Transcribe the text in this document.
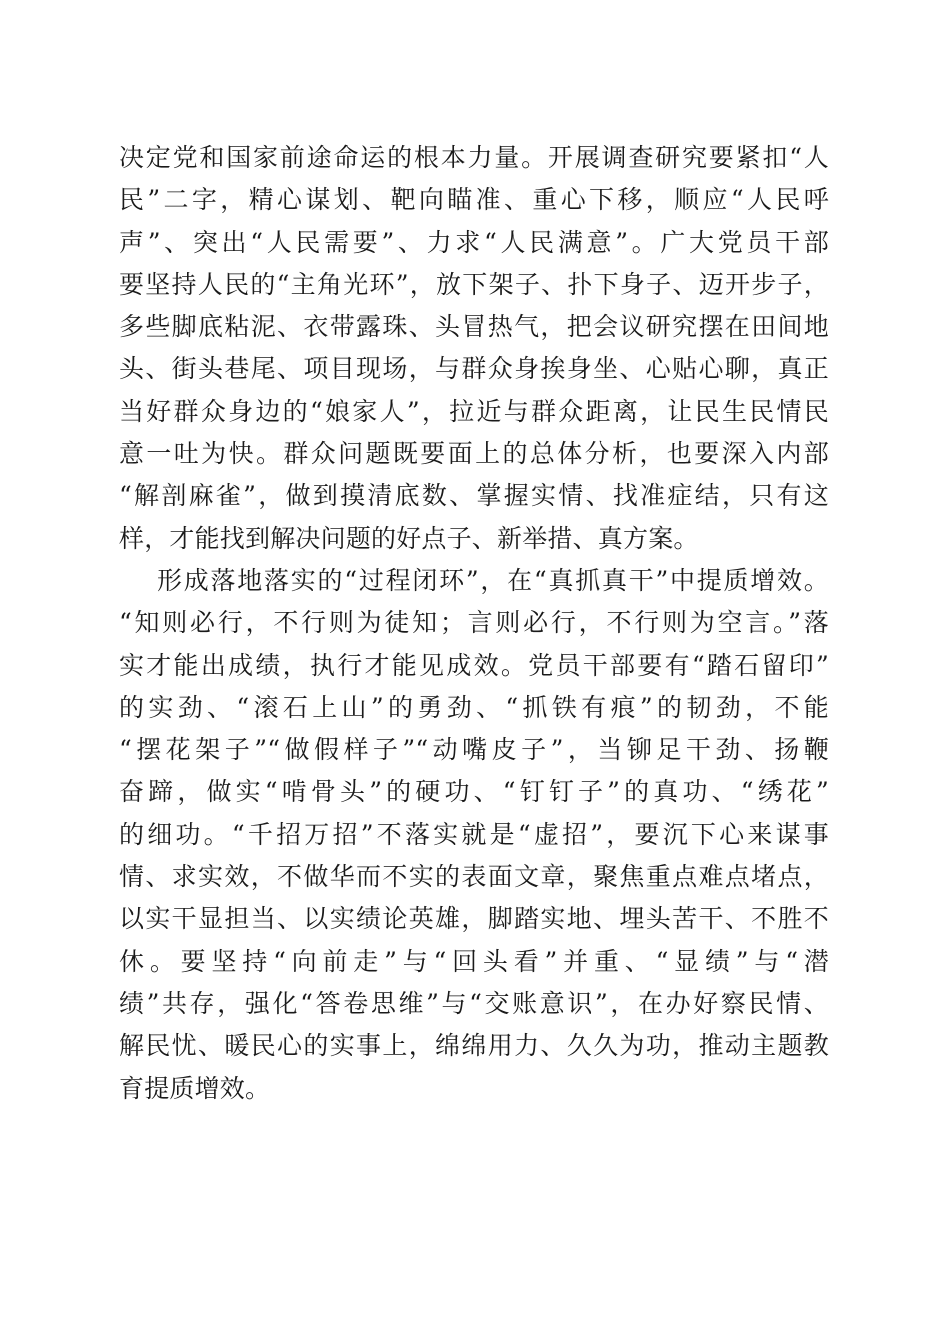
决定党和国家前途命运的根本力量。开展调查研究要紧扣“人
民”二字，精心谋划、靶向瞄准、重心下移，顺应“人民呼
声”、突出“人民需要”、力求“人民满意”。广大党员干部
要坚持人民的“主角光环”，放下架子、扑下身子、迈开步子，
多些脚底粘泥、衣带露珠、头冒热气，把会议研究摆在田间地
头、街头巷尾、项目现场，与群众身挨身坐、心贴心聊，真正
当好群众身边的“娘家人”，拉近与群众距离，让民生民情民
意一吐为快。群众问题既要面上的总体分析，也要深入内部
“解剖麻雀”，做到摸清底数、掌握实情、找准症结，只有这
样，才能找到解决问题的好点子、新举措、真方案。
形成落地落实的“过程闭环”，在“真抓真干”中提质增效。
“知则必行，不行则为徒知；言则必行，不行则为空言。”落
实才能出成绩，执行才能见成效。党员干部要有“踏石留印”
的实劲、“滚石上山”的勇劲、“抓铁有痕”的韧劲，不能
“摆花架子”“做假样子”“动嘴皮子”，当铆足干劲、扬鞭
奋蹄，做实“啃骨头”的硬功、“钉钉子”的真功、“绣花”
的细功。“千招万招”不落实就是“虚招”，要沉下心来谋事
情、求实效，不做华而不实的表面文章，聚焦重点难点堵点，
以实干显担当、以实绩论英雄，脚踏实地、埋头苦干、不胜不
休。要坚持“向前走”与“回头看”并重、“显绩”与“潜
绩”共存，强化“答卷思维”与“交账意识”，在办好察民情、
解民忧、暖民心的实事上，绵绵用力、久久为功，推动主题教
育提质增效。
